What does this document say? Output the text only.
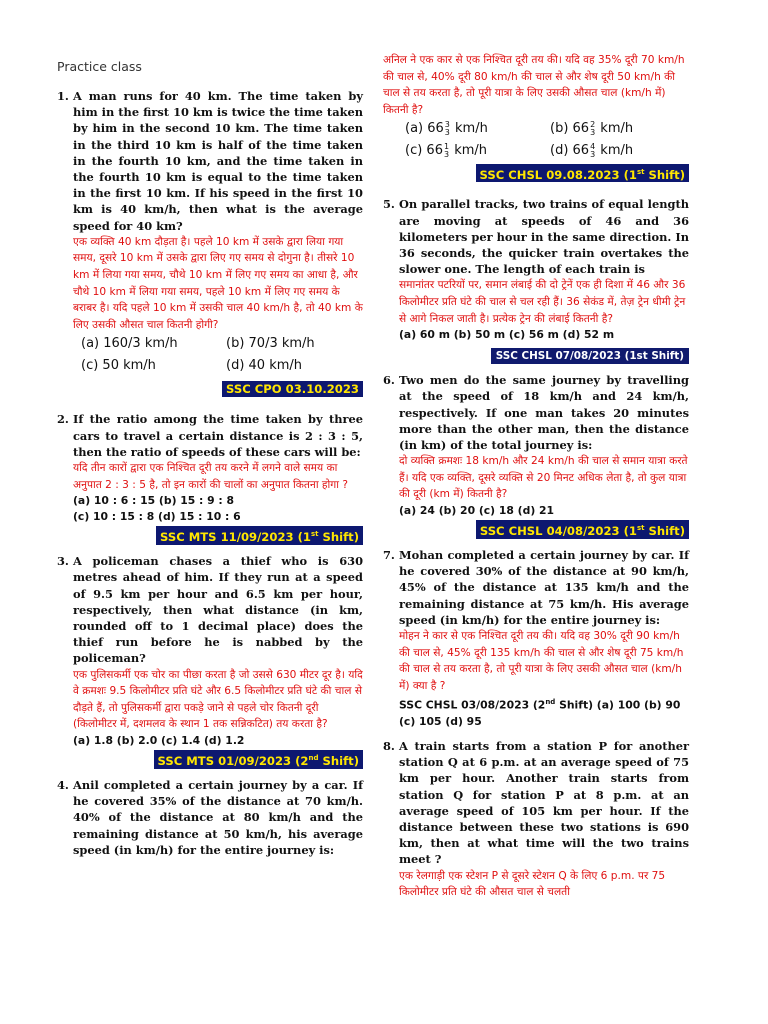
Practice class
1. A man runs for 40 km. The time taken by him in the first 10 km is twice the time taken by him in the second 10 km. The time taken in the third 10 km is half of the time taken in the fourth 10 km, and the time taken in the fourth 10 km is equal to the time taken in the first 10 km. If his speed in the first 10 km is 40 km/h, then what is the average speed for 40 km?
एक व्यक्ति 40 km दौड़ता है। पहले 10 km में उसके द्वारा लिया गया समय, दूसरे 10 km में उसके द्वारा लिए गए समय से दोगुना है। तीसरे 10 km में लिया गया समय, चौथे 10 km में लिए गए समय का आधा है, और चौथे 10 km में लिया गया समय, पहले 10 km में लिए गए समय के बराबर है। यदि पहले 10 km में उसकी चाल 40 km/h है, तो 40 km के लिए उसकी औसत चाल कितनी होगी?
(a) 160/3 km/h	(b) 70/3 km/h
(c) 50 km/h	(d) 40 km/h
SSC CPO 03.10.2023
2. If the ratio among the time taken by three cars to travel a certain distance is 2 : 3 : 5, then the ratio of speeds of these cars will be:
यदि तीन कारों द्वारा एक निश्चित दूरी तय करने में लगने वाले समय का अनुपात 2 : 3 : 5 है, तो इन कारों की चालों का अनुपात कितना होगा ?
(a) 10 : 6 : 15 (b) 15 : 9 : 8
(c) 10 : 15 : 8 (d) 15 : 10 : 6
SSC MTS 11/09/2023 (1st Shift)
3. A policeman chases a thief who is 630 metres ahead of him. If they run at a speed of 9.5 km per hour and 6.5 km per hour, respectively, then what distance (in km, rounded off to 1 decimal place) does the thief run before he is nabbed by the policeman?
एक पुलिसकर्मी एक चोर का पीछा करता है जो उससे 630 मीटर दूर है। यदि वे क्रमशः 9.5 किलोमीटर प्रति घंटे और 6.5 किलोमीटर प्रति घंटे की चाल से दौड़ते हैं, तो पुलिसकर्मी द्वारा पकड़े जाने से पहले चोर कितनी दूरी (किलोमीटर में, दशमलव के स्थान 1 तक सन्निकटित) तय करता है?
(a) 1.8 (b) 2.0 (c) 1.4 (d) 1.2
SSC MTS 01/09/2023 (2nd Shift)
4. Anil completed a certain journey by a car. If he covered 35% of the distance at 70 km/h. 40% of the distance at 80 km/h and the remaining distance at 50 km/h, his average speed (in km/h) for the entire journey is:
अनिल ने एक कार से एक निश्चित दूरी तय की। यदि वह 35% दूरी 70 km/h की चाल से, 40% दूरी 80 km/h की चाल से और शेष दूरी 50 km/h की चाल से तय करता है, तो पूरी यात्रा के लिए उसकी औसत चाल (km/h में) कितनी है?
(a) 66 3
3 km/h	(b) 66 2
3 km/h
(c) 66 1
3 km/h	(d) 66 4
3 km/h
SSC CHSL 09.08.2023 (1st Shift)
5. On parallel tracks, two trains of equal length are moving at speeds of 46 and 36 kilometers per hour in the same direction. In 36 seconds, the quicker train overtakes the slower one. The length of each train is
समानांतर पटरियों पर, समान लंबाई की दो ट्रेनें एक ही दिशा में 46 और 36 किलोमीटर प्रति घंटे की चाल से चल रही हैं। 36 सेकंड में, तेज़ ट्रेन धीमी ट्रेन से आगे निकल जाती है। प्रत्येक ट्रेन की लंबाई कितनी है?
(a) 60 m (b) 50 m (c) 56 m (d) 52 m
SSC CHSL 07/08/2023 (1st Shift)
6. Two men do the same journey by travelling at the speed of 18 km/h and 24 km/h, respectively. If one man takes 20 minutes more than the other man, then the distance (in km) of the total journey is:
दो व्यक्ति क्रमशः 18 km/h और 24 km/h की चाल से समान यात्रा करते हैं। यदि एक व्यक्ति, दूसरे व्यक्ति से 20 मिनट अधिक लेता है, तो कुल यात्रा की दूरी (km में) कितनी है?
(a) 24 (b) 20 (c) 18 (d) 21
SSC CHSL 04/08/2023 (1st Shift)
7. Mohan completed a certain journey by car. If he covered 30% of the distance at 90 km/h, 45% of the distance at 135 km/h and the remaining distance at 75 km/h. His average speed (in km/h) for the entire journey is:
मोहन ने कार से एक निश्चित दूरी तय की। यदि वह 30% दूरी 90 km/h की चाल से, 45% दूरी 135 km/h की चाल से और शेष दूरी 75 km/h की चाल से तय करता है, तो पूरी यात्रा के लिए उसकी औसत चाल (km/h में) क्या है ?
SSC CHSL 03/08/2023 (2nd Shift) (a) 100 (b) 90 (c) 105 (d) 95
8. A train starts from a station P for another station Q at 6 p.m. at an average speed of 75 km per hour. Another train starts from station Q for station P at 8 p.m. at an average speed of 105 km per hour. If the distance between these two stations is 690 km, then at what time will the two trains meet ?
एक रेलगाड़ी एक स्टेशन P से दूसरे स्टेशन Q के लिए 6 p.m. पर 75 किलोमीटर प्रति घंटे की औसत चाल से चलती
